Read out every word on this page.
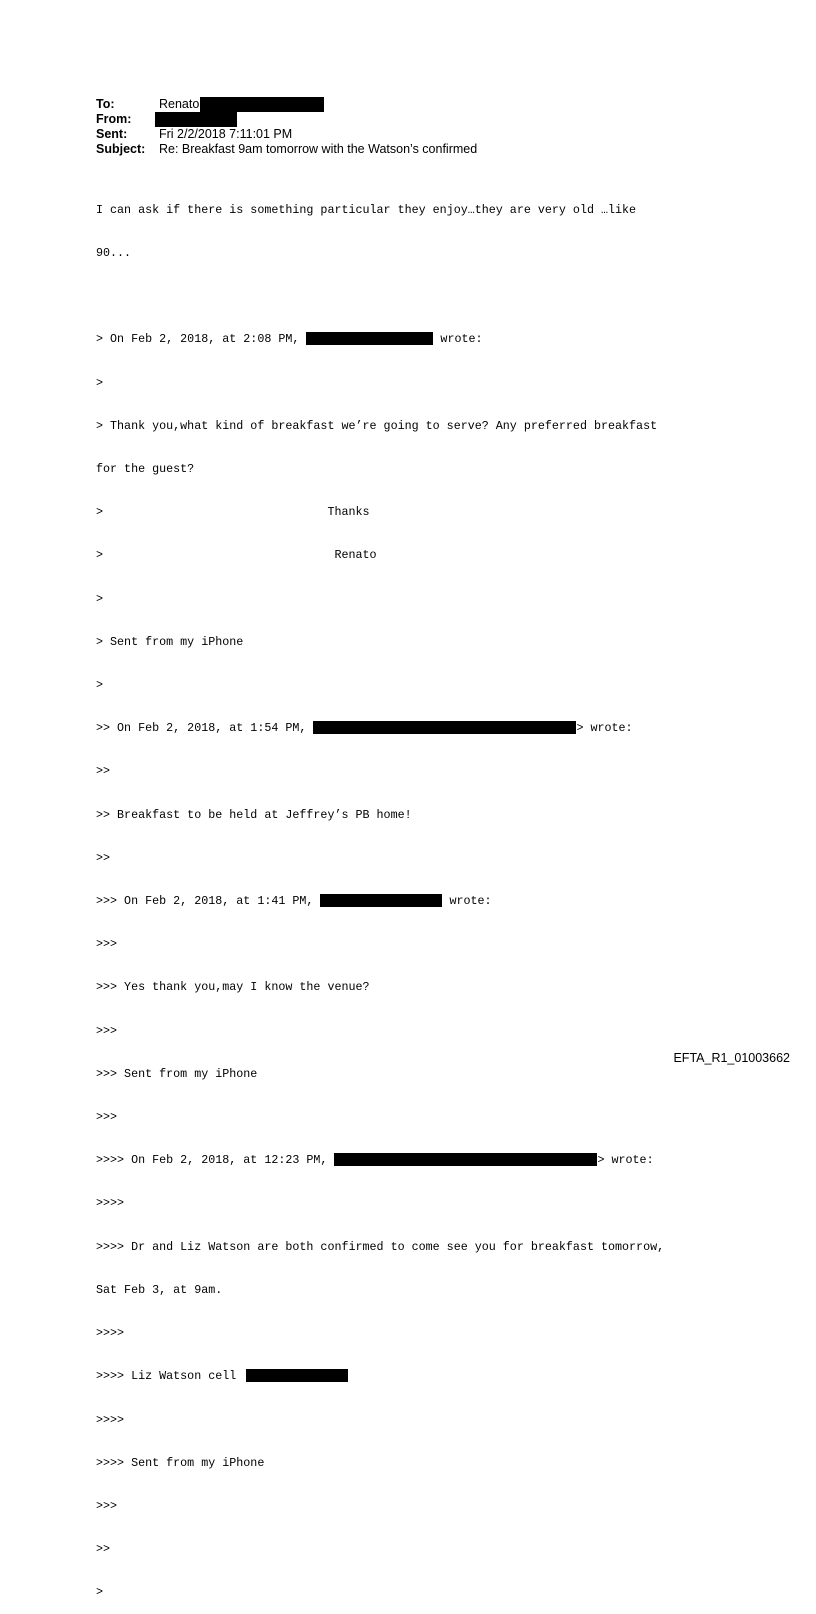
To:	Renato
From:
Sent:	Fri 2/2/2018 7:11:01 PM
Subject:	Re: Breakfast 9am tomorrow with the Watson’s confirmed

I can ask if there is something particular they enjoy…they are very old …like

90...

> On Feb 2, 2018, at 2:08 PM,	wrote:

>

> Thank you,what kind of breakfast we’re going to serve? Any preferred breakfast

for the guest?

>                                Thanks

>                                 Renato

>

> Sent from my iPhone

>

>> On Feb 2, 2018, at 1:54 PM,	> wrote:

>>

>> Breakfast to be held at Jeffrey’s PB home!

>>

>>> On Feb 2, 2018, at 1:41 PM,	wrote:

>>>

>>> Yes thank you,may I know the venue?

>>>

>>> Sent from my iPhone

>>>

>>>> On Feb 2, 2018, at 12:23 PM,	> wrote:

>>>>

>>>> Dr and Liz Watson are both confirmed to come see you for breakfast tomorrow,

Sat Feb 3, at 9am.

>>>>

>>>> Liz Watson cell

>>>>

>>>> Sent from my iPhone

>>>

>>

>

EFTA_R1_01003662
